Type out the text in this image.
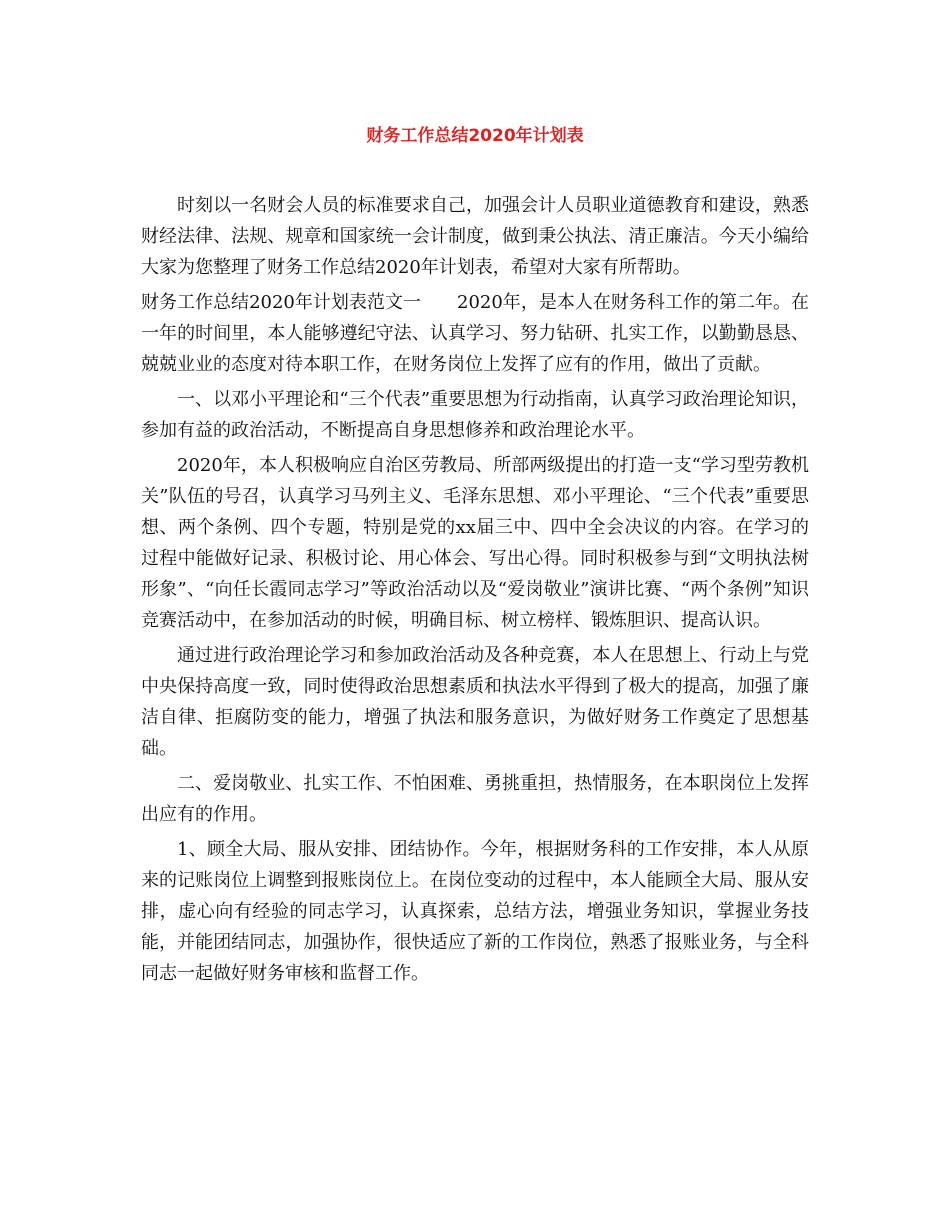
财务工作总结2020年计划表

时刻以一名财会人员的标准要求自己，加强会计人员职业道德教育和建设，熟悉财经法律、法规、规章和国家统一会计制度，做到秉公执法、清正廉洁。今天小编给大家为您整理了财务工作总结2020年计划表，希望对大家有所帮助。

财务工作总结2020年计划表范文一　　2020年，是本人在财务科工作的第二年。在一年的时间里，本人能够遵纪守法、认真学习、努力钻研、扎实工作，以勤勤恳恳、兢兢业业的态度对待本职工作，在财务岗位上发挥了应有的作用，做出了贡献。

一、以邓小平理论和“三个代表”重要思想为行动指南，认真学习政治理论知识，参加有益的政治活动，不断提高自身思想修养和政治理论水平。

2020年，本人积极响应自治区劳教局、所部两级提出的打造一支“学习型劳教机关”队伍的号召，认真学习马列主义、毛泽东思想、邓小平理论、“三个代表”重要思想、两个条例、四个专题，特别是党的xx届三中、四中全会决议的内容。在学习的过程中能做好记录、积极讨论、用心体会、写出心得。同时积极参与到“文明执法树形象”、“向任长霞同志学习”等政治活动以及“爱岗敬业”演讲比赛、“两个条例”知识竞赛活动中，在参加活动的时候，明确目标、树立榜样、锻炼胆识、提高认识。

通过进行政治理论学习和参加政治活动及各种竞赛，本人在思想上、行动上与党中央保持高度一致，同时使得政治思想素质和执法水平得到了极大的提高，加强了廉洁自律、拒腐防变的能力，增强了执法和服务意识，为做好财务工作奠定了思想基础。

二、爱岗敬业、扎实工作、不怕困难、勇挑重担，热情服务，在本职岗位上发挥出应有的作用。

1、顾全大局、服从安排、团结协作。今年，根据财务科的工作安排，本人从原来的记账岗位上调整到报账岗位上。在岗位变动的过程中，本人能顾全大局、服从安排，虚心向有经验的同志学习，认真探索，总结方法，增强业务知识，掌握业务技能，并能团结同志，加强协作，很快适应了新的工作岗位，熟悉了报账业务，与全科同志一起做好财务审核和监督工作。
